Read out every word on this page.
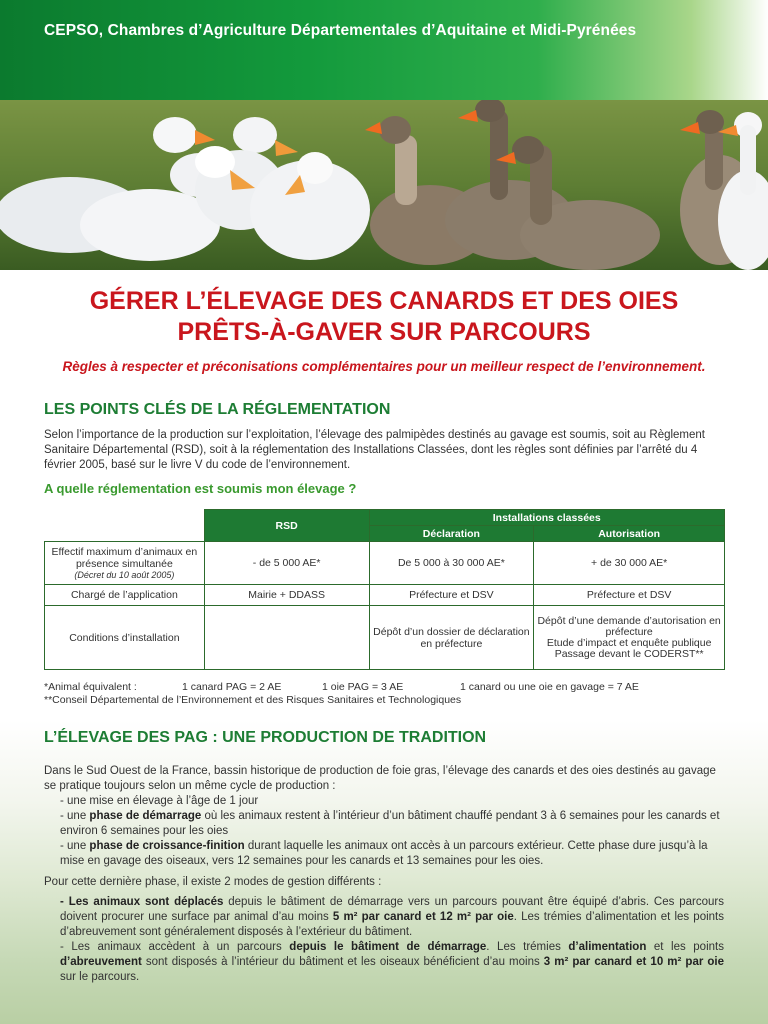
CEPSO, Chambres d’Agriculture Départementales d’Aquitaine et Midi-Pyrénées
GÉRER L’ÉLEVAGE DES CANARDS ET DES OIES
PRÊTS-À-GAVER SUR PARCOURS
Règles à respecter et préconisations complémentaires pour un meilleur respect de l’environnement.
LES POINTS CLÉS DE LA RÉGLEMENTATION
Selon l’importance de la production sur l’exploitation, l’élevage des palmipèdes destinés au gavage est soumis, soit au Règlement Sanitaire Départemental (RSD), soit à la réglementation des Installations Classées, dont les règles sont définies par l’arrêté du 4 février 2005, basé sur le livre V du code de l’environnement.
A quelle réglementation est soumis mon élevage ?
	RSD	Installations classées	
		Déclaration	Autorisation

Effectif maximum d’animaux en présence simultanée
(Décret du 10 août 2005)	- de 5 000 AE*	De 5 000 à 30 000 AE*	+ de 30 000 AE*
Chargé de l’application	Mairie + DDASS	Préfecture et DSV	Préfecture et DSV
Conditions d’installation		Dépôt d’un dossier de déclaration en préfecture	Dépôt d’une demande d’autorisation en préfecture
Etude d’impact et enquête publique
Passage devant le CODERST**
*Animal équivalent :	1 canard PAG = 2 AE	1 oie PAG = 3 AE	1 canard ou une oie en gavage = 7 AE
**Conseil Départemental de l’Environnement et des Risques Sanitaires et Technologiques
L’ÉLEVAGE DES PAG : UNE PRODUCTION DE TRADITION
Dans le Sud Ouest de la France, bassin historique de production de foie gras, l’élevage des canards et des oies destinés au gavage se pratique toujours selon un même cycle de production :
- une mise en élevage à l’âge de 1 jour
- une phase de démarrage où les animaux restent à l’intérieur d’un bâtiment chauffé pendant 3 à 6 semaines pour les canards et environ 6 semaines pour les oies
- une phase de croissance-finition durant laquelle les animaux ont accès à un parcours extérieur. Cette phase dure jusqu’à la mise en gavage des oiseaux, vers 12 semaines pour les canards et 13 semaines pour les oies.
Pour cette dernière phase, il existe 2 modes de gestion différents :
- Les animaux sont déplacés depuis le bâtiment de démarrage vers un parcours pouvant être équipé d’abris. Ces parcours doivent procurer une surface par animal d’au moins 5 m² par canard et 12 m² par oie. Les trémies d’alimentation et les points d’abreuvement sont généralement disposés à l’extérieur du bâtiment.
- Les animaux accèdent à un parcours depuis le bâtiment de démarrage. Les trémies d’alimentation et les points d’abreuvement sont disposés à l’intérieur du bâtiment et les oiseaux bénéficient d’au moins 3 m² par canard et 10 m² par oie sur le parcours.
